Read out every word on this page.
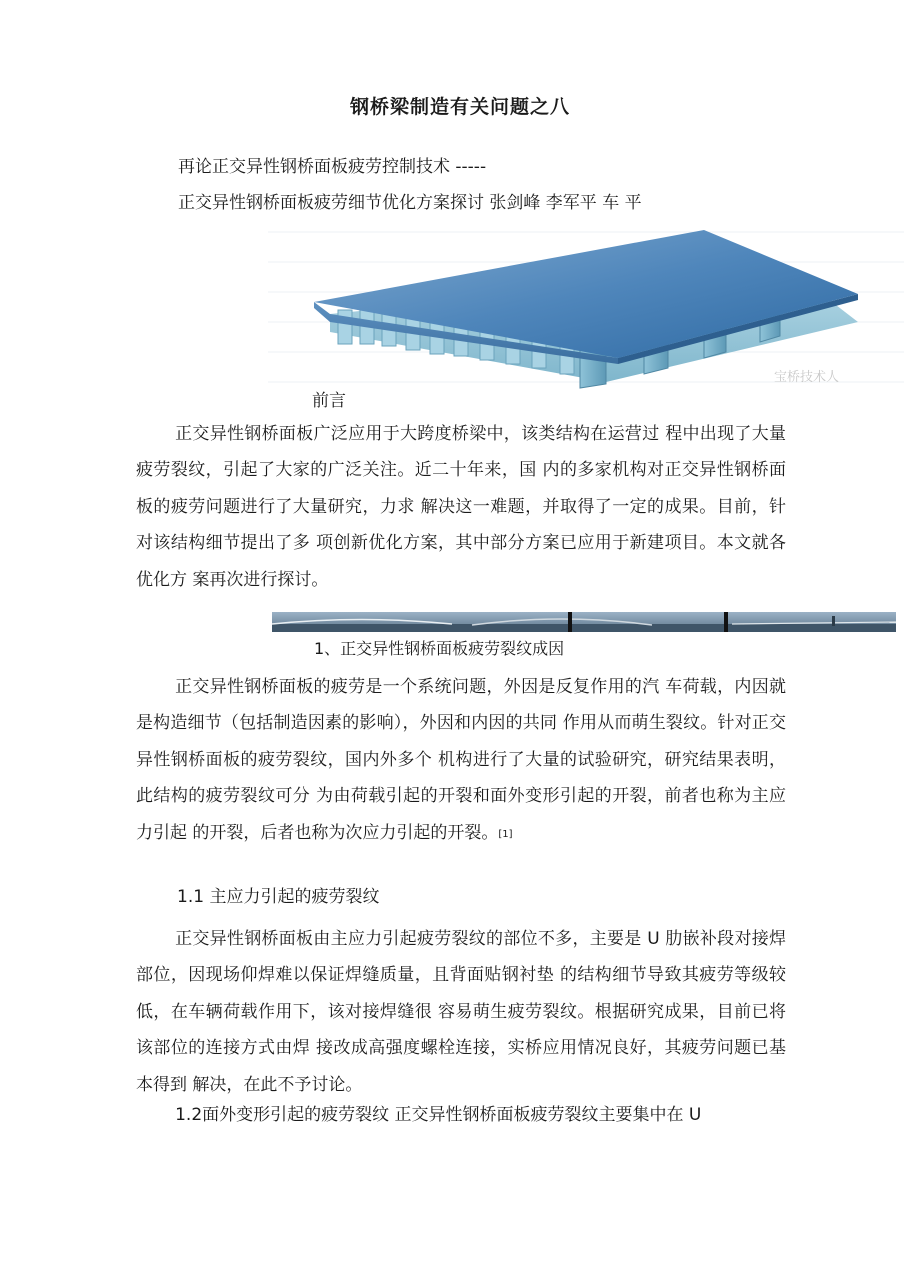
钢桥梁制造有关问题之八
再论正交异性钢桥面板疲劳控制技术 -----
正交异性钢桥面板疲劳细节优化方案探讨 张剑峰 李军平 车 平
宝桥技术人
前言
正交异性钢桥面板广泛应用于大跨度桥梁中，该类结构在运营过 程中出现了大量疲劳裂纹，引起了大家的广泛关注。近二十年来，国 内的多家机构对正交异性钢桥面板的疲劳问题进行了大量研究，力求 解决这一难题，并取得了一定的成果。目前，针对该结构细节提出了多 项创新优化方案，其中部分方案已应用于新建项目。本文就各优化方 案再次进行探讨。
1、正交异性钢桥面板疲劳裂纹成因
正交异性钢桥面板的疲劳是一个系统问题，外因是反复作用的汽 车荷载，内因就是构造细节（包括制造因素的影响），外因和内因的共同 作用从而萌生裂纹。针对正交异性钢桥面板的疲劳裂纹，国内外多个 机构进行了大量的试验研究，研究结果表明，此结构的疲劳裂纹可分 为由荷载引起的开裂和面外变形引起的开裂，前者也称为主应力引起 的开裂，后者也称为次应力引起的开裂。[1]
1.1 主应力引起的疲劳裂纹
正交异性钢桥面板由主应力引起疲劳裂纹的部位不多，主要是 U 肋嵌补段对接焊部位，因现场仰焊难以保证焊缝质量，且背面贴钢衬垫 的结构细节导致其疲劳等级较低，在车辆荷载作用下，该对接焊缝很 容易萌生疲劳裂纹。根据研究成果，目前已将该部位的连接方式由焊 接改成高强度螺栓连接，实桥应用情况良好，其疲劳问题已基本得到 解决，在此不予讨论。
1.2面外变形引起的疲劳裂纹 正交异性钢桥面板疲劳裂纹主要集中在 U
